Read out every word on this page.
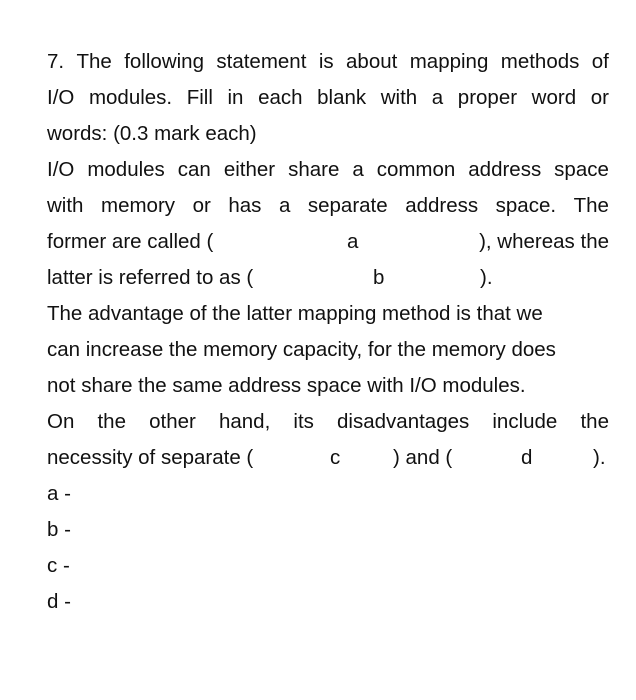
7. The following statement is about mapping methods of
I/O modules. Fill in each blank with a proper word or
words: (0.3 mark each)
I/O modules can either share a common address space
with memory or has a separate address space. The
former are called (	a	), whereas the
latter is referred to as (	b	).
The advantage of the latter mapping method is that we
can increase the memory capacity, for the memory does
not share the same address space with I/O modules.
On the other hand, its disadvantages include the
necessity of separate (	c	) and (	d	).
a -
b -
c -
d -
